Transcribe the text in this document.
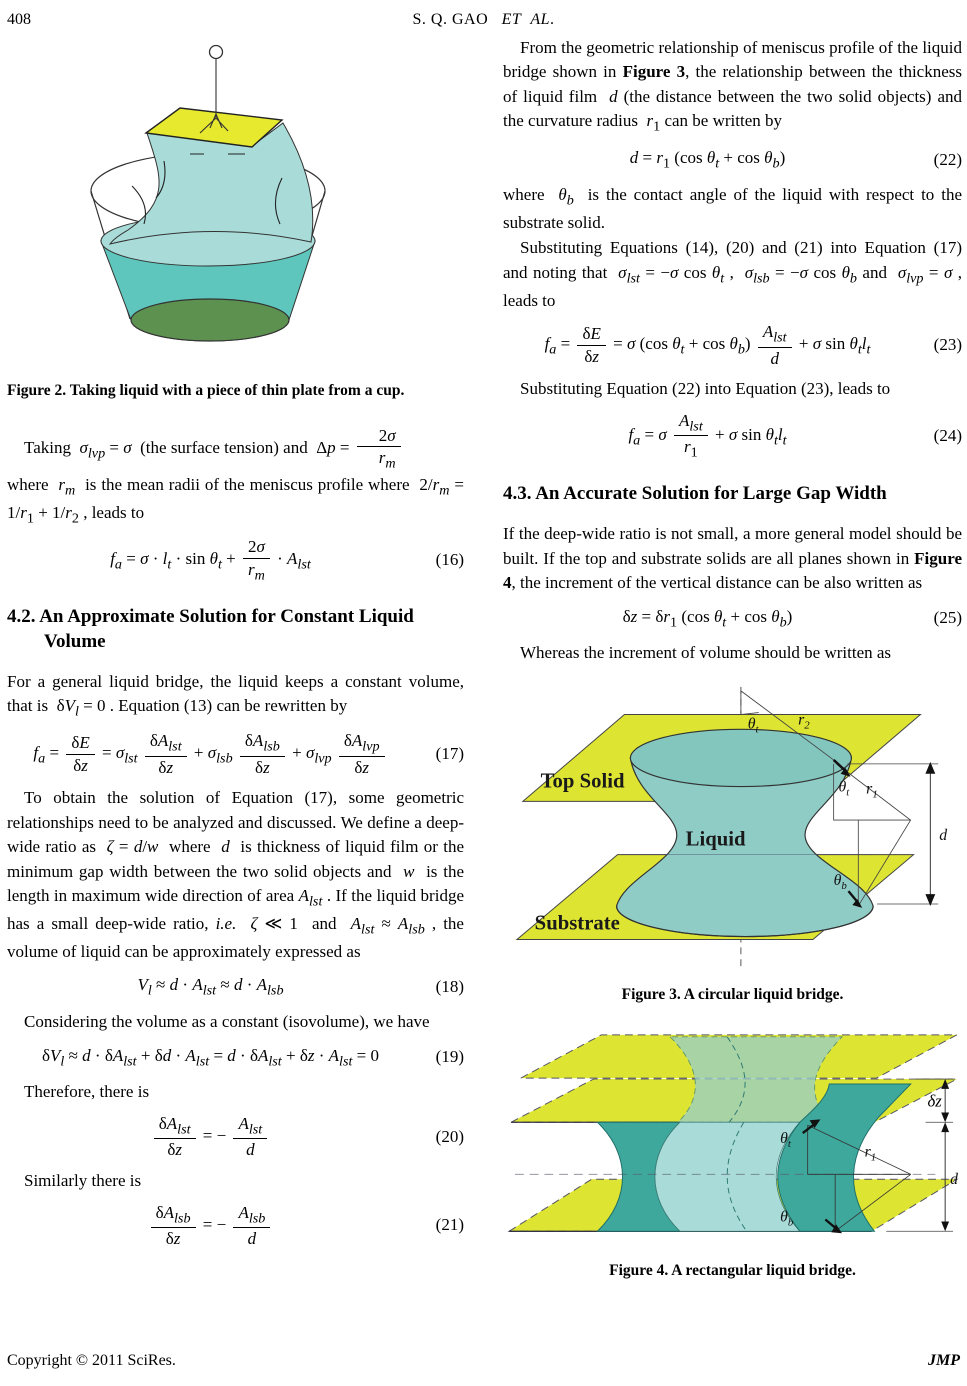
408	S. Q. GAO   ET  AL.

Figure 2. Taking liquid with a piece of thin plate from a cup.

Taking  $\sigma_{lvp} = \sigma$  (the surface tension) and  $\Delta p = \frac{2\sigma}{r_m}$

where  $r_m$  is the mean radii of the meniscus profile where  $2/r_m = 1/r_1 + 1/r_2$ , leads to

$f_a = \sigma \cdot l_t \cdot \sin \theta_t + \frac{2\sigma}{r_m} \cdot A_{lst}$	(16)
4.2. An Approximate Solution for Constant Liquid Volume

For a general liquid bridge, the liquid keeps a constant volume, that is  $\delta V_l = 0$ . Equation (13) can be rewritten by

$f_a = \frac{\delta E}{\delta z} = \sigma_{lst} \frac{\delta A_{lst}}{\delta z} + \sigma_{lsb} \frac{\delta A_{lsb}}{\delta z} + \sigma_{lvp} \frac{\delta A_{lvp}}{\delta z}$	(17)

To obtain the solution of Equation (17), some geometric relationships need to be analyzed and discussed. We define a deep-wide ratio as  ζ = d/w  where  d  is thickness of liquid film or the minimum gap width between the two solid objects and  w  is the length in maximum wide direction of area $A_{lst}$ . If the liquid bridge has a small deep-wide ratio, i.e. ζ ≪ 1  and  $A_{lst} \approx A_{lsb}$ , the volume of liquid can be approximately expressed as

$V_l \approx d \cdot A_{lst} \approx d \cdot A_{lsb}$	(18)

Considering the volume as a constant (isovolume), we have

$\delta V_l \approx d \cdot \delta A_{lst} + \delta d \cdot A_{lst} = d \cdot \delta A_{lst} + \delta z \cdot A_{lst} = 0$	(19)

Therefore, there is

$\frac{\delta A_{lst}}{\delta z}$ = − $\frac{A_{lst}}{d}$	(20)

Similarly there is

$\frac{\delta A_{lsb}}{\delta z}$ = − $\frac{A_{lsb}}{d}$	(21)

From the geometric relationship of meniscus profile of the liquid bridge shown in Figure 3, the relationship between the thickness of liquid film  d (the distance between the two solid objects) and the curvature radius  $r_1$ can be written by

$d = r_1$ (cos $\theta_t + \cos \theta_b$)	(22)

where  $\theta_b$  is the contact angle of the liquid with respect to the substrate solid.

Substituting Equations (14), (20) and (21) into Equation (17) and noting that  $\sigma_{lst} = -\sigma$ $\cos \theta_t$ ,  $\sigma_{lsb} = -\sigma$ $\cos \theta_b$ and  $\sigma_{lvp} = \sigma$ , leads to

$f_a = \frac{\delta E}{\delta z} = \sigma$ (cos $\theta_t + \cos \theta_b) \frac{A_{lst}}{d} + \sigma$ $\sin \theta_tl_t$	(23)

Substituting Equation (22) into Equation (23), leads to

$f_a = \sigma \frac{A_{lst}}{r_1} + \sigma$ $\sin \theta_tl_t$	(24)
4.3. An Accurate Solution for Large Gap Width

If the deep-wide ratio is not small, a more general model should be built. If the top and substrate solids are all planes shown in Figure 4, the increment of the vertical distance can be also written as

$\delta z = \delta r_1$ (cos $\theta_t + \cos \theta_b$)	(25)

Whereas the increment of volume should be written as

Top Solid
Liquid
Substrate
$\theta_t$
$r_2$
$\theta_t$ $r_1$
$\theta_b$
d

Figure 3. A circular liquid bridge.

$\theta_t$	$r_1$
$\theta_b$
δz
d

Figure 4. A rectangular liquid bridge.

Copyright © 2011 SciRes.	JMP
